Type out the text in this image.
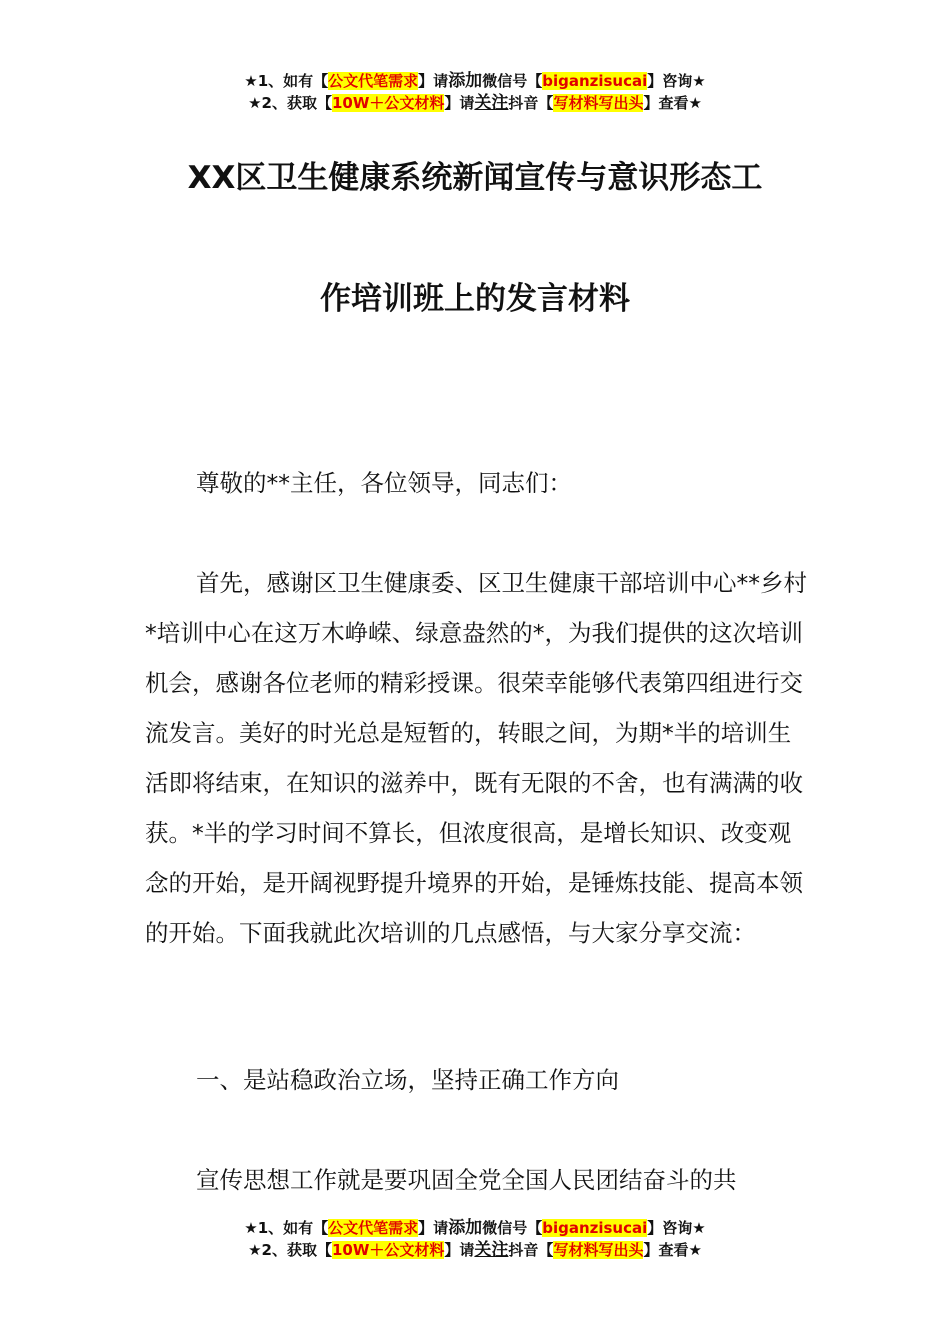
★1、如有【公文代笔需求】请添加微信号【biganzisucai】咨询★
★2、获取【10W＋公文材料】请关注抖音【写材料写出头】查看★
XX区卫生健康系统新闻宣传与意识形态工
作培训班上的发言材料

尊敬的**主任，各位领导，同志们：

首先，感谢区卫生健康委、区卫生健康干部培训中心**乡村*培训中心在这万木峥嵘、绿意盎然的*，为我们提供的这次培训机会，感谢各位老师的精彩授课。很荣幸能够代表第四组进行交流发言。美好的时光总是短暂的，转眼之间，为期*半的培训生活即将结束，在知识的滋养中，既有无限的不舍，也有满满的收获。*半的学习时间不算长，但浓度很高，是增长知识、改变观念的开始，是开阔视野提升境界的开始，是锤炼技能、提高本领的开始。下面我就此次培训的几点感悟，与大家分享交流：

一、是站稳政治立场，坚持正确工作方向

宣传思想工作就是要巩固全党全国人民团结奋斗的共

★1、如有【公文代笔需求】请添加微信号【biganzisucai】咨询★
★2、获取【10W＋公文材料】请关注抖音【写材料写出头】查看★
